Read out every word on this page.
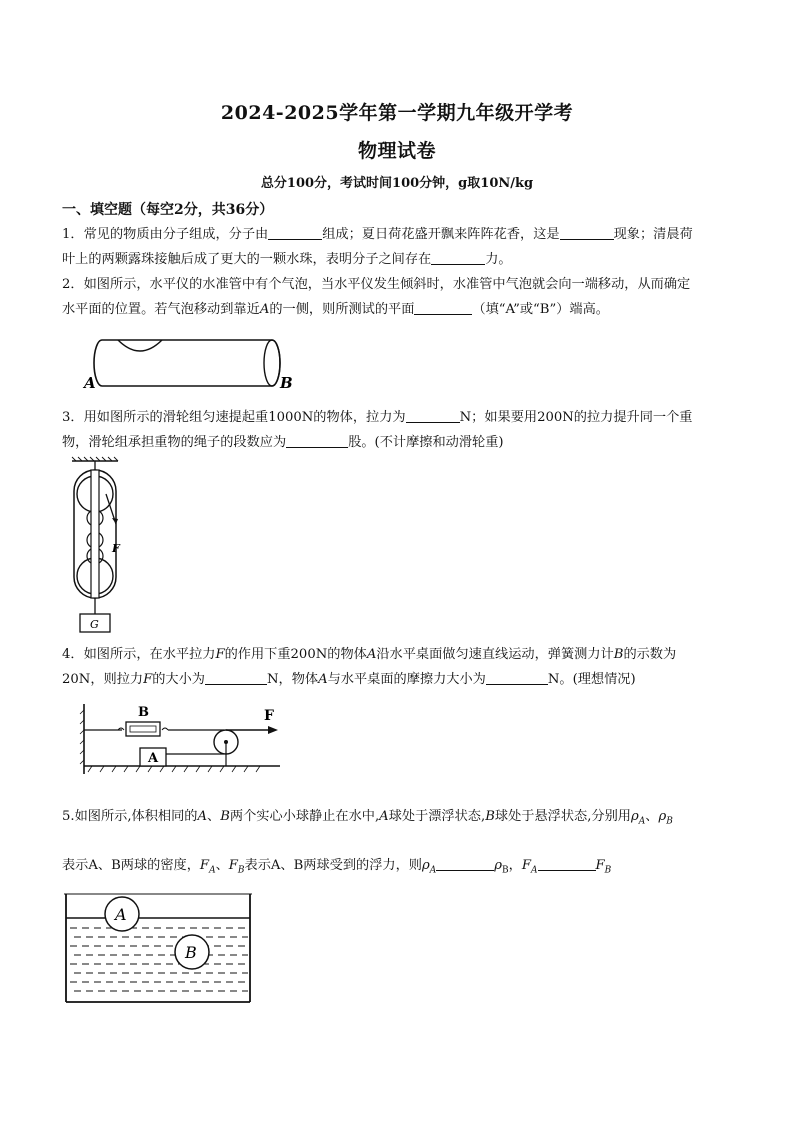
2024-2025学年第一学期九年级开学考
物理试卷
总分100分，考试时间100分钟，g取10N/kg
一、填空题（每空2分，共36分）
1．常见的物质由分子组成，分子由	组成；夏日荷花盛开飘来阵阵花香，这是	现象；清晨荷
叶上的两颗露珠接触后成了更大的一颗水珠，表明分子之间存在	力。
2．如图所示，水平仪的水准管中有个气泡，当水平仪发生倾斜时，水准管中气泡就会向一端移动，从而确定
水平面的位置。若气泡移动到靠近A的一侧，则所测试的平面	（填“A”或“B”）端高。
A	B
3．用如图所示的滑轮组匀速提起重1000N的物体，拉力为	N；如果要用200N的拉力提升同一个重
物，滑轮组承担重物的绳子的段数应为	股。(不计摩擦和动滑轮重)
F
G
4．如图所示，在水平拉力F的作用下重200N的物体A沿水平桌面做匀速直线运动，弹簧测力计B的示数为
20N，则拉力F的大小为	N，物体A与水平桌面的摩擦力大小为	N。(理想情况)
B
A
F
5.如图所示,体积相同的A、B两个实心小球静止在水中,A球处于漂浮状态,B球处于悬浮状态,分别用$\rho_A$、$\rho_B$
表示A、B两球的密度，$F_A$、$F_B$表示A、B两球受到的浮力，则$\rho_A$	$\rho_B$，$F_A$	$F_B$
A
B
